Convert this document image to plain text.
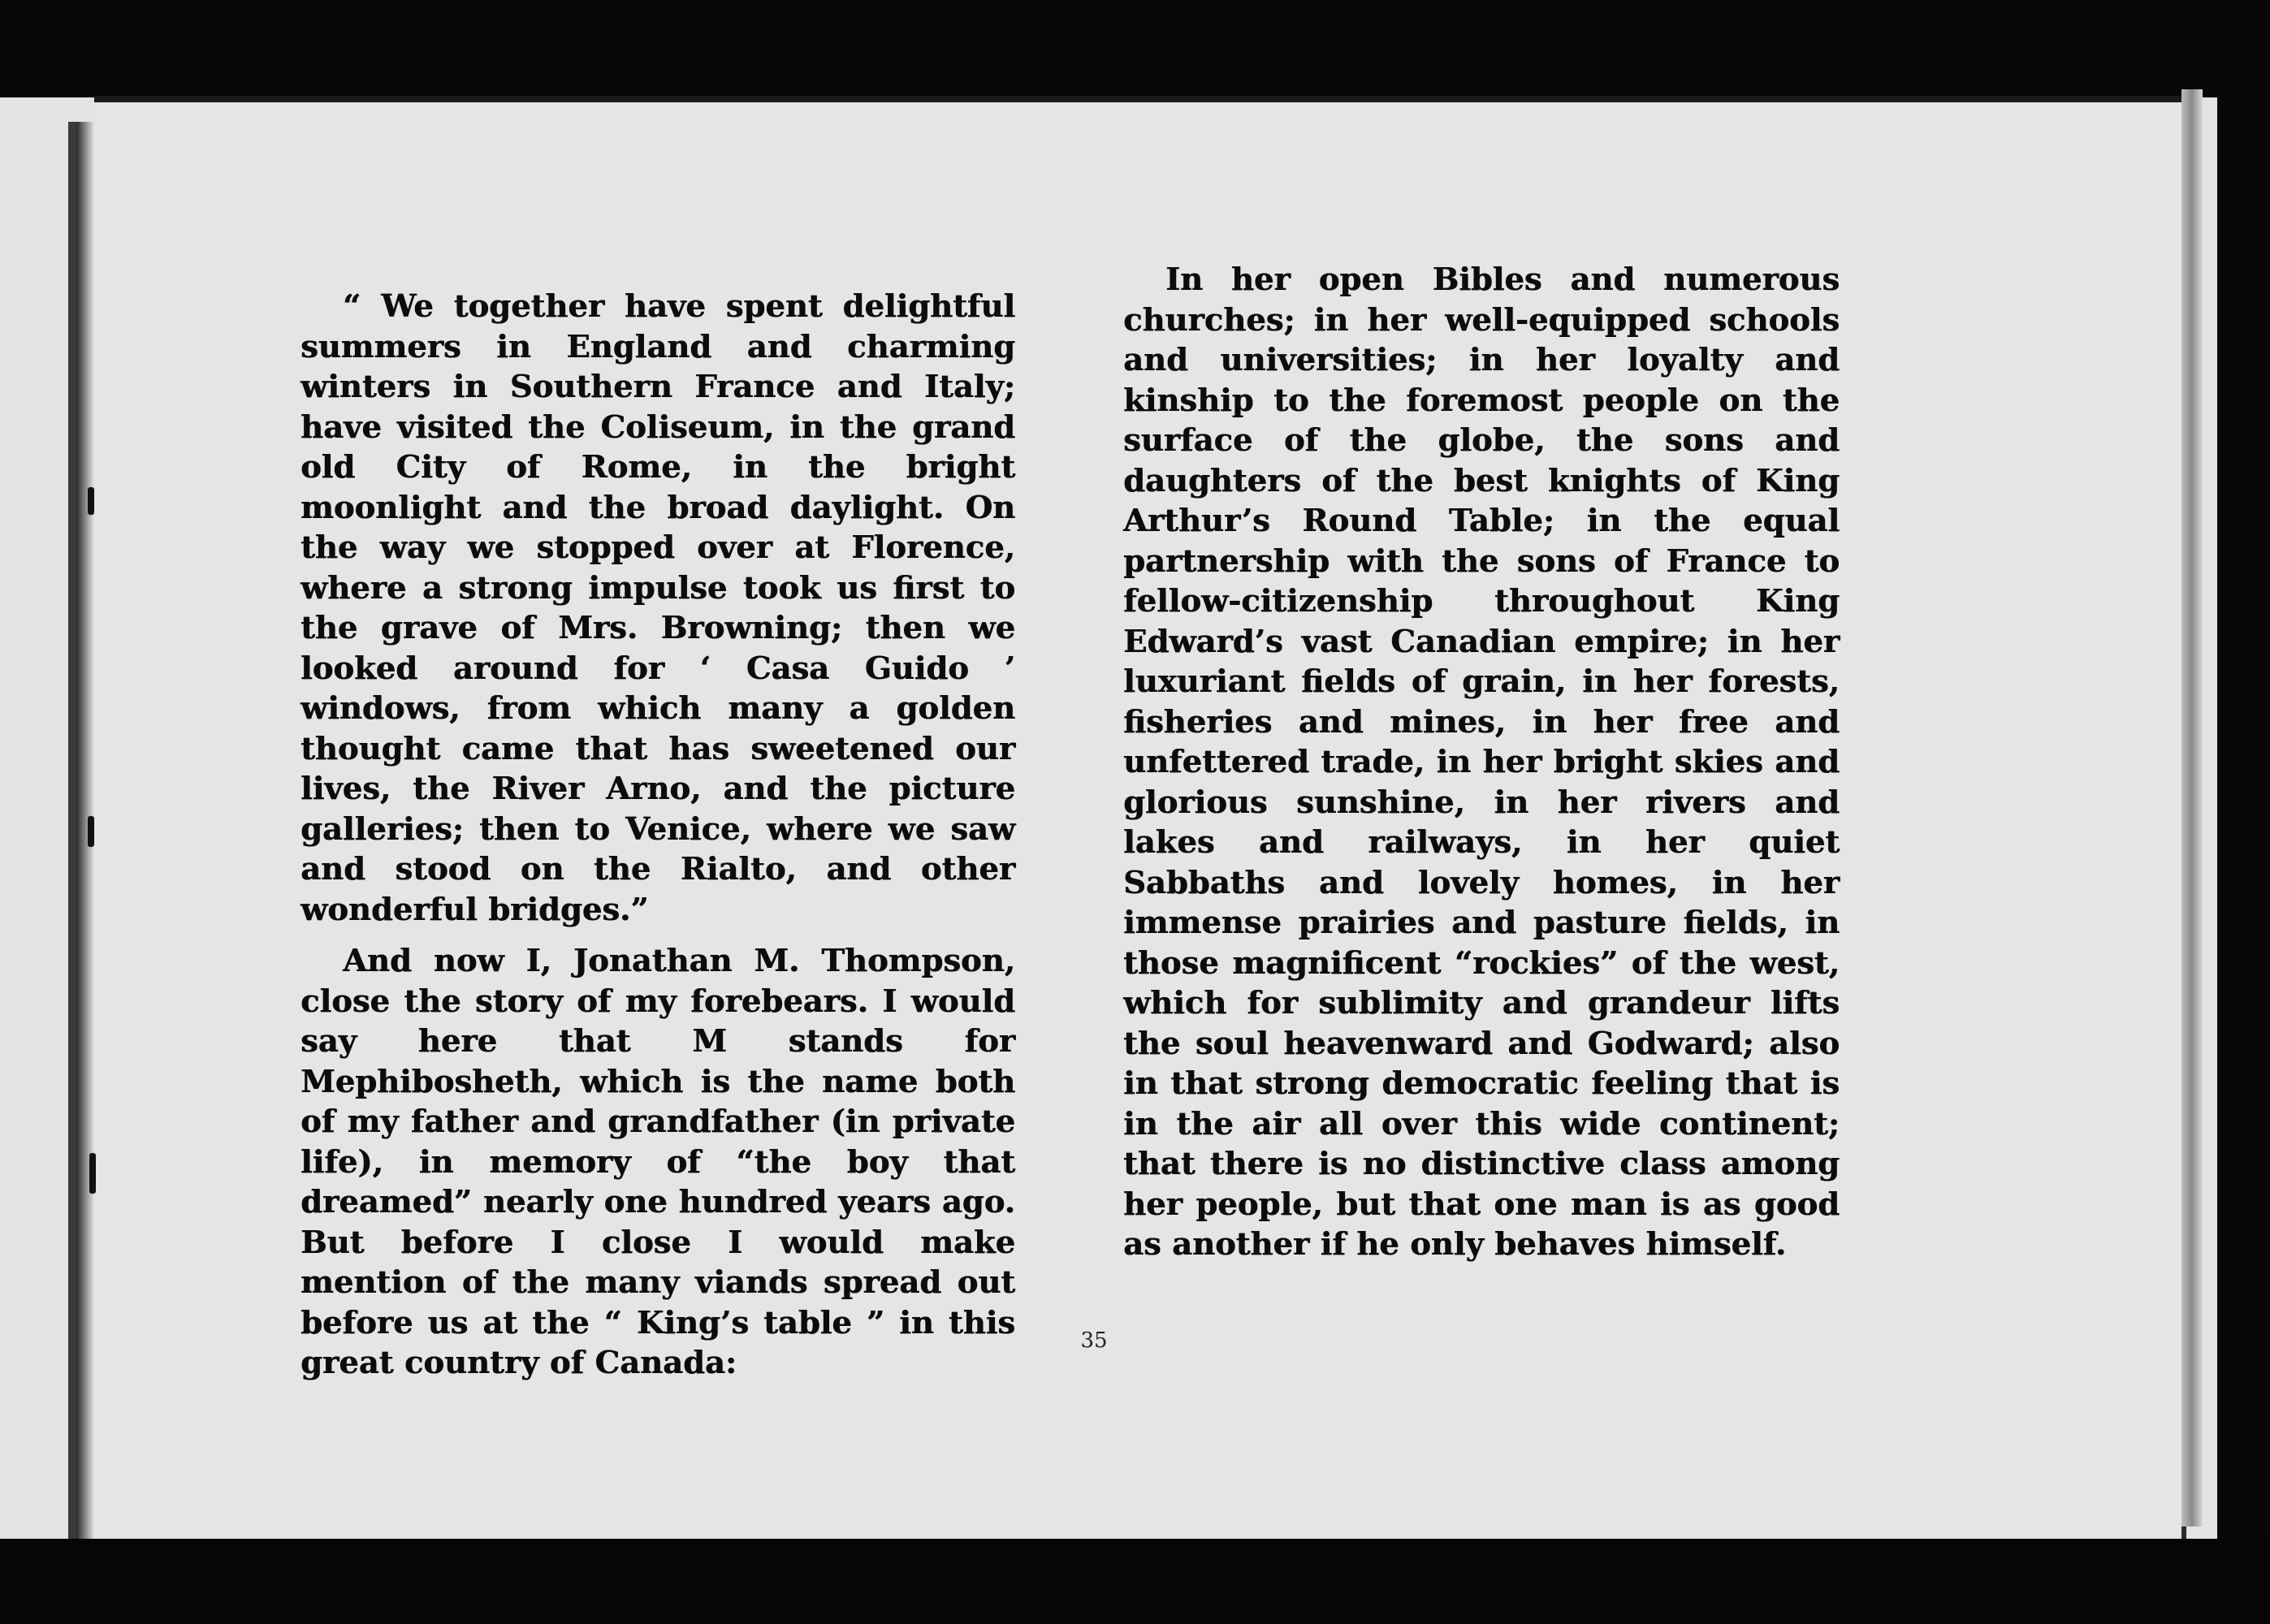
“ We together have spent delightful summers in England and charming winters in Southern France and Italy; have visited the Coliseum, in the grand old City of Rome, in the bright moonlight and the broad daylight. On the way we stopped over at Florence, where a strong impulse took us first to the grave of Mrs. Browning; then we looked around for ‘ Casa Guido ’ windows, from which many a golden thought came that has sweetened our lives, the River Arno, and the picture galleries; then to Venice, where we saw and stood on the Rialto, and other wonderful bridges.”

And now I, Jonathan M. Thompson, close the story of my forebears. I would say here that M stands for Mephibosheth, which is the name both of my father and grandfather (in private life), in memory of “the boy that dreamed” nearly one hundred years ago. But before I close I would make mention of the many viands spread out before us at the “ King’s table ” in this great country of Canada:

In her open Bibles and numerous churches; in her well-equipped schools and universities; in her loyalty and kinship to the foremost people on the surface of the globe, the sons and daughters of the best knights of King Arthur’s Round Table; in the equal partnership with the sons of France to fellow-citizenship throughout King Edward’s vast Canadian empire; in her luxuriant fields of grain, in her forests, fisheries and mines, in her free and unfettered trade, in her bright skies and glorious sunshine, in her rivers and lakes and railways, in her quiet Sabbaths and lovely homes, in her immense prairies and pasture fields, in those magnificent “rockies” of the west, which for sublimity and grandeur lifts the soul heavenward and Godward; also in that strong democratic feeling that is in the air all over this wide continent; that there is no distinctive class among her people, but that one man is as good as another if he only behaves himself.

35
